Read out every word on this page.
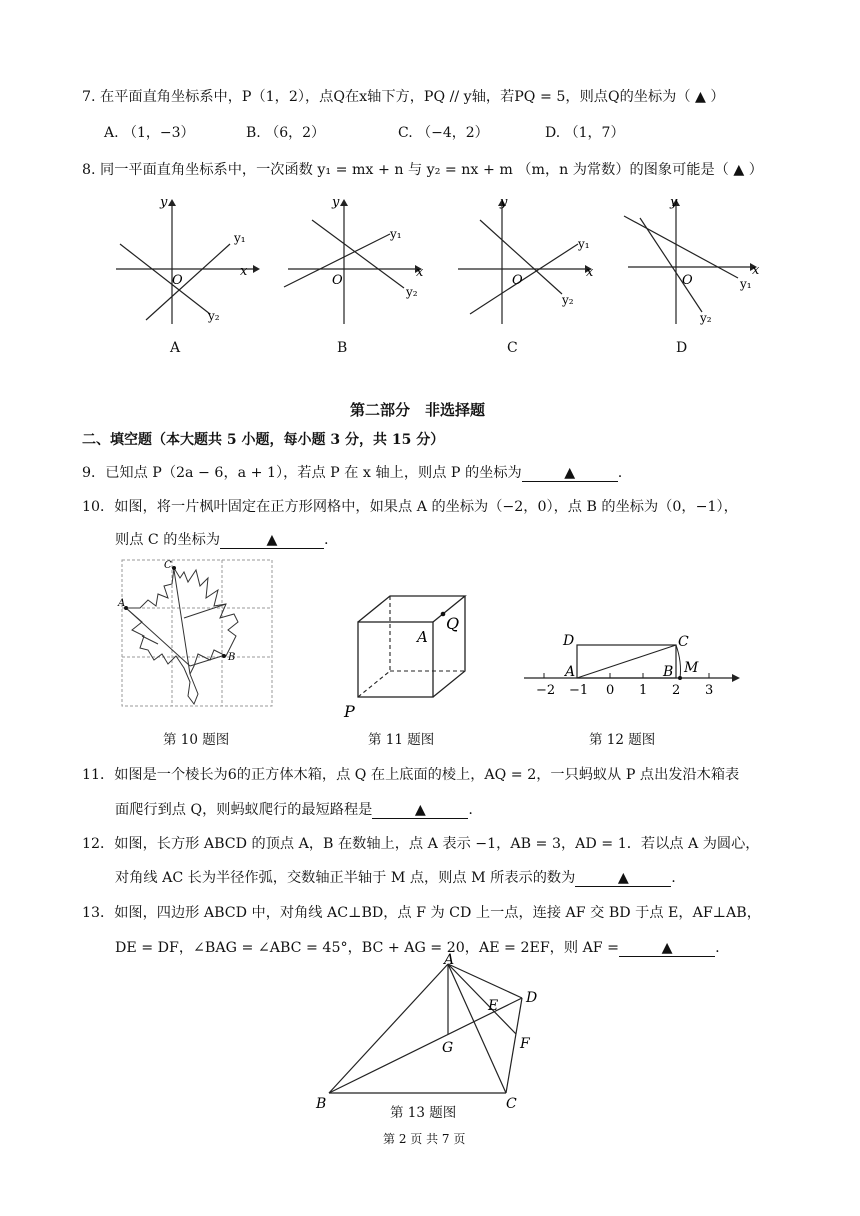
7. 在平面直角坐标系中，P（1，2），点Q在x轴下方，PQ // y轴，若PQ = 5，则点Q的坐标为（ ▲ ）
A. （1，−3）	B. （6，2）	C. （−4，2）	D. （1，7）
8. 同一平面直角坐标系中，一次函数 y₁ = mx + n 与 y₂ = nx + m （m，n 为常数）的图象可能是（ ▲ ）
x
y
O
y₁
y₂
A
x
y
O
y₁
y₂
B
x
y
O
y₁
y₂
C
x
y
O	y₁
y₂
D
第二部分　非选择题
二、填空题（本大题共 5 小题，每小题 3 分，共 15 分）
9．已知点 P（2a − 6，a + 1），若点 P 在 x 轴上，则点 P 的坐标为	▲	.
10．如图，将一片枫叶固定在正方形网格中，如果点 A 的坐标为（−2，0），点 B 的坐标为（0，−1），
则点 C 的坐标为	▲	.
C
A
B
第 10 题图
A
Q
P
第 11 题图
D	C
A	B M
−2 −1 0 1 2 3
第 12 题图
11．如图是一个棱长为6的正方体木箱，点 Q 在上底面的棱上，AQ = 2，一只蚂蚁从 P 点出发沿木箱表
面爬行到点 Q，则蚂蚁爬行的最短路程是	▲	.
12．如图，长方形 ABCD 的顶点 A，B 在数轴上，点 A 表示 −1，AB = 3，AD = 1．若以点 A 为圆心，
对角线 AC 长为半径作弧，交数轴正半轴于 M 点，则点 M 所表示的数为	▲	.
13．如图，四边形 ABCD 中，对角线 AC⊥BD，点 F 为 CD 上一点，连接 AF 交 BD 于点 E，AF⊥AB，
DE = DF，∠BAG = ∠ABC = 45°，BC + AG = 20，AE = 2EF，则 AF =	▲	.
A
B	C
D
E
F
G
第 13 题图
第 2 页 共 7 页
